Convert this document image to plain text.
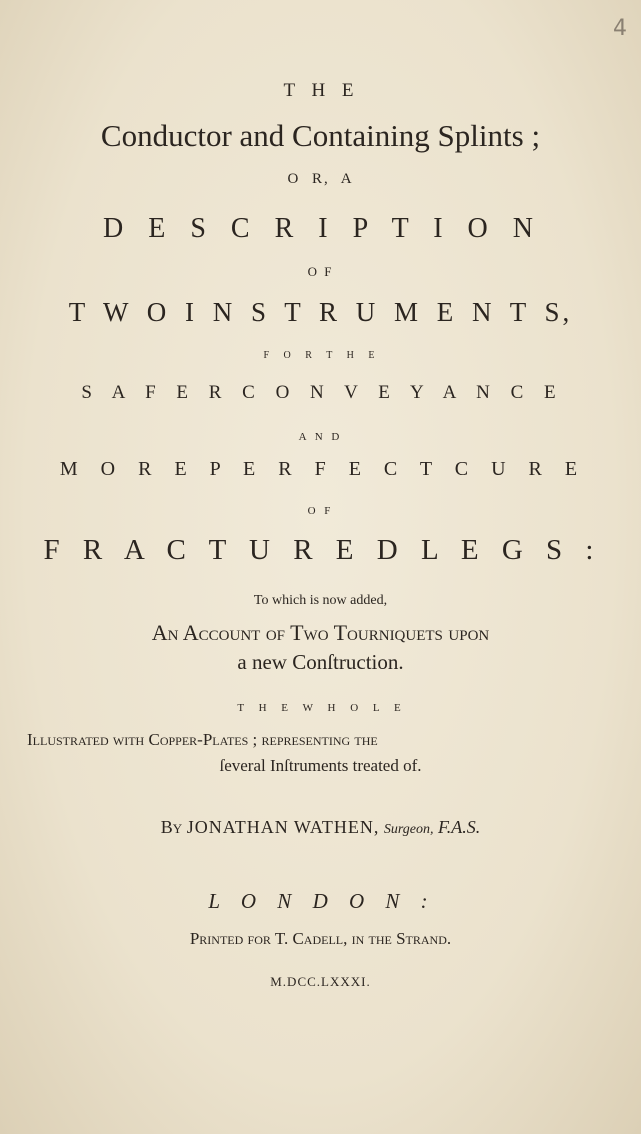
4
T H E
Conductor and Containing Splints ;
O R, A
D E S C R I P T I O N
O F
T W O I N S T R U M E N T S,
F O R T H E
S A F E R C O N V E Y A N C E
A N D
M O R E P E R F E C T C U R E
O F
F R A C T U R E D L E G S :
To which is now added,
An Account of Two Tourniquets upon
a new Conſtruction.
T H E W H O L E
Illuſtrated with Copper-Plates ; repreſenting the
ſeveral Inſtruments treated of.
By JONATHAN WATHEN, Surgeon, F.A.S.
L O N D O N :
Printed for T. Cadell, in the Strand.
M.DCC.LXXXI.
